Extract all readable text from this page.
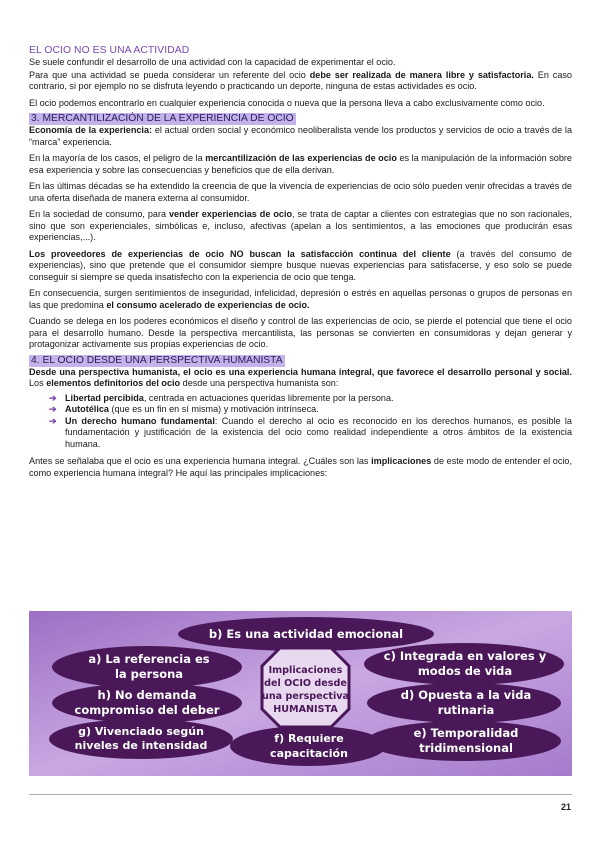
EL OCIO NO ES UNA ACTIVIDAD

Se suele confundir el desarrollo de una actividad con la capacidad de experimentar el ocio.

Para que una actividad se pueda considerar un referente del ocio debe ser realizada de manera libre y satisfactoria. En caso contrario, si por ejemplo no se disfruta leyendo o practicando un deporte, ninguna de estas actividades es ocio.

El ocio podemos encontrarlo en cualquier experiencia conocida o nueva que la persona lleva a cabo exclusivamente como ocio.

3. MERCANTILIZACIÓN DE LA EXPERIENCIA DE OCIO

Economía de la experiencia: el actual orden social y económico neoliberalista vende los productos y servicios de ocio a través de la “marca” experiencia.

En la mayoría de los casos, el peligro de la mercantilización de las experiencias de ocio es la manipulación de la información sobre esa experiencia y sobre las consecuencias y beneficios que de ella derivan.

En las últimas décadas se ha extendido la creencia de que la vivencia de experiencias de ocio sólo pueden venir ofrecidas a través de una oferta diseñada de manera externa al consumidor.

En la sociedad de consumo, para vender experiencias de ocio, se trata de captar a clientes con estrategias que no son racionales, sino que son experienciales, simbólicas e, incluso, afectivas (apelan a los sentimientos, a las emociones que producirán esas experiencias,...).

Los proveedores de experiencias de ocio NO buscan la satisfacción continua del cliente (a través del consumo de experiencias), sino que pretende que el consumidor siempre busque nuevas experiencias para satisfacerse, y eso solo se puede conseguir si siempre se queda insatisfecho con la experiencia de ocio que tenga.

En consecuencia, surgen sentimientos de inseguridad, infelicidad, depresión o estrés en aquellas personas o grupos de personas en las que predomina el consumo acelerado de experiencias de ocio.

Cuando se delega en los poderes económicos el diseño y control de las experiencias de ocio, se pierde el potencial que tiene el ocio para el desarrollo humano. Desde la perspectiva mercantilista, las personas se convierten en consumidoras y dejan generar y protagonizar activamente sus propias experiencias de ocio.

4. EL OCIO DESDE UNA PERSPECTIVA HUMANISTA

Desde una perspectiva humanista, el ocio es una experiencia humana integral, que favorece el desarrollo personal y social. Los elementos definitorios del ocio desde una perspectiva humanista son:

➔ Libertad percibida, centrada en actuaciones queridas libremente por la persona.
➔ Autotélica (que es un fin en sí misma) y motivación intrínseca.
➔ Un derecho humano fundamental: Cuando el derecho al ocio es reconocido en los derechos humanos, es posible la fundamentación y justificación de la existencia del ocio como realidad independiente a otros ámbitos de la existencia humana.

Antes se señalaba que el ocio es una experiencia humana integral. ¿Cuáles son las implicaciones de este modo de entender el ocio, como experiencia humana integral? He aquí las principales implicaciones:

b) Es una actividad emocional
a) La referencia es
la persona
c) Integrada en valores y
modos de vida
h) No demanda
compromiso del deber
d) Opuesta a la vida
rutinaria
g) Vivenciado según
niveles de intensidad
f) Requiere
capacitación
e) Temporalidad
tridimensional
Implicaciones
del OCIO desde
una perspectiva
HUMANISTA
21
